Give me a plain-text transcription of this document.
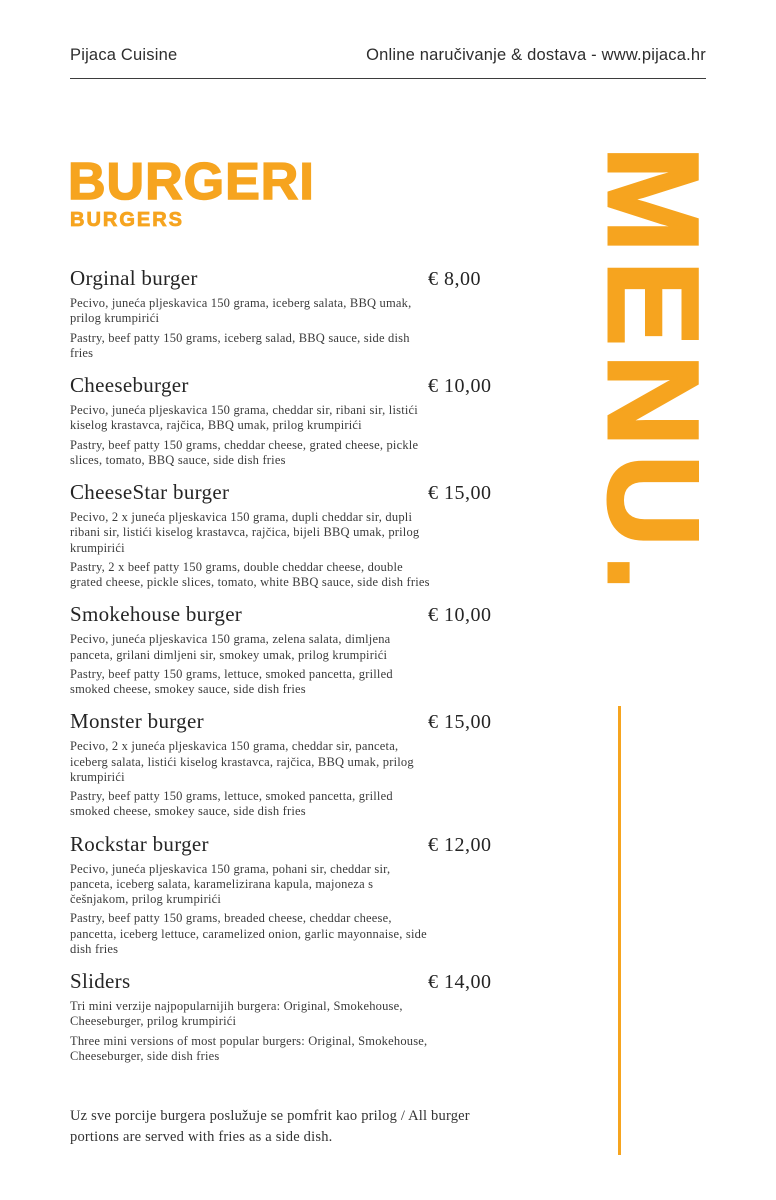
Pijaca Cuisine	Online naručivanje & dostava - www.pijaca.hr
BURGERI
BURGERS	MENU.
Orginal burger	€ 8,00

Pecivo, juneća pljeskavica 150 grama, iceberg salata, BBQ umak, prilog krumpirići

Pastry, beef patty 150 grams, iceberg salad, BBQ sauce, side dish fries

Cheeseburger	€ 10,00

Pecivo, juneća pljeskavica 150 grama, cheddar sir, ribani sir, listići kiselog krastavca, rajčica, BBQ umak, prilog krumpirići

Pastry, beef patty 150 grams, cheddar cheese, grated cheese, pickle slices, tomato, BBQ sauce, side dish fries

CheeseStar burger	€ 15,00

Pecivo, 2 x juneća pljeskavica 150 grama, dupli cheddar sir, dupli ribani sir, listići kiselog krastavca, rajčica, bijeli BBQ umak, prilog krumpirići

Pastry, 2 x beef patty 150 grams, double cheddar cheese, double grated cheese, pickle slices, tomato, white BBQ sauce, side dish fries

Smokehouse burger	€ 10,00

Pecivo, juneća pljeskavica 150 grama, zelena salata, dimljena panceta, grilani dimljeni sir, smokey umak, prilog krumpirići

Pastry, beef patty 150 grams, lettuce, smoked pancetta, grilled smoked cheese, smokey sauce, side dish fries

Monster burger	€ 15,00

Pecivo, 2 x juneća pljeskavica 150 grama, cheddar sir, panceta, iceberg salata, listići kiselog krastavca, rajčica, BBQ umak, prilog krumpirići

Pastry, beef patty 150 grams, lettuce, smoked pancetta, grilled smoked cheese, smokey sauce, side dish fries

Rockstar burger	€ 12,00

Pecivo, juneća pljeskavica 150 grama, pohani sir, cheddar sir, panceta, iceberg salata, karamelizirana kapula, majoneza s češnjakom, prilog krumpirići

Pastry, beef patty 150 grams, breaded cheese, cheddar cheese, pancetta, iceberg lettuce, caramelized onion, garlic mayonnaise, side dish fries

Sliders	€ 14,00

Tri mini verzije najpopularnijih burgera: Original, Smokehouse, Cheeseburger, prilog krumpirići

Three mini versions of most popular burgers: Original, Smokehouse, Cheeseburger, side dish fries

Uz sve porcije burgera poslužuje se pomfrit kao prilog / All burger portions are served with fries as a side dish.
